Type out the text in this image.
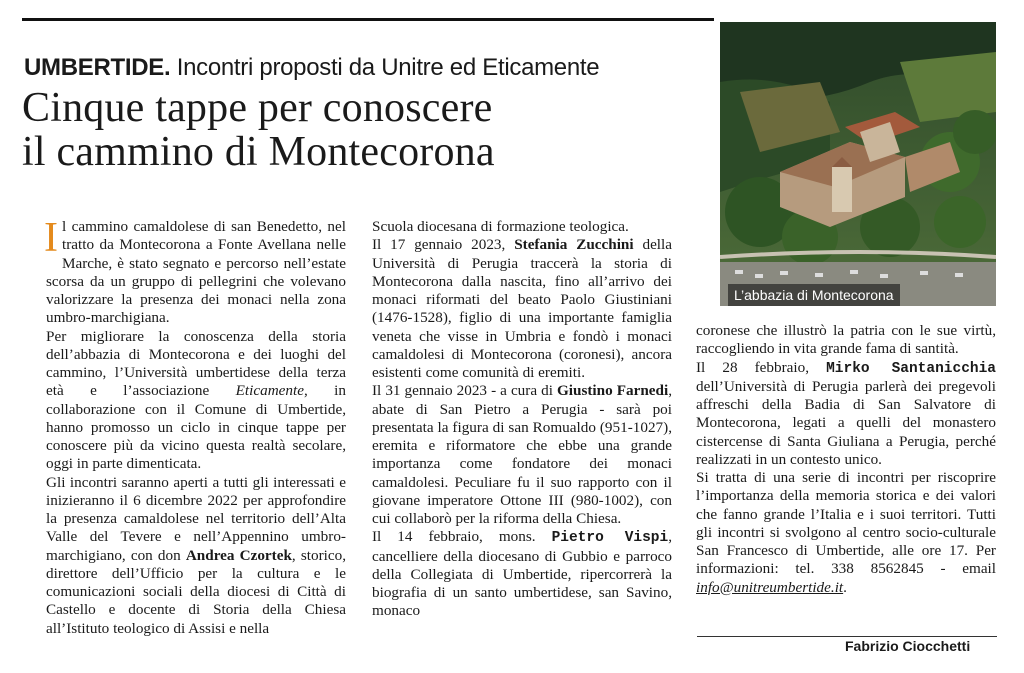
UMBERTIDE. Incontri proposti da Unitre ed Eticamente
Cinque tappe per conoscere
il cammino di Montecorona
L’abbazia di Montecorona

Il cammino camaldolese di san Benedetto, nel tratto da Montecorona a Fonte Avellana nelle Marche, è stato segnato e percorso nell’estate scorsa da un gruppo di pellegrini che volevano valorizzare la presenza dei monaci nella zona umbro-marchigiana.

Per migliorare la conoscenza della storia dell’abbazia di Montecorona e dei luoghi del cammino, l’Università umbertidese della terza età e l’associazione Eticamente, in collaborazione con il Comune di Umbertide, hanno promosso un ciclo in cinque tappe per conoscere più da vicino questa realtà secolare, oggi in parte dimenticata.

Gli incontri saranno aperti a tutti gli interessati e inizieranno il 6 dicembre 2022 per approfondire la presenza camaldolese nel territorio dell’Alta Valle del Tevere e nell’Appennino umbro-marchigiano, con don Andrea Czortek, storico, direttore dell’Ufficio per la cultura e le comunicazioni sociali della diocesi di Città di Castello e docente di Storia della Chiesa all’Istituto teologico di Assisi e nella

Scuola diocesana di formazione teologica.

Il 17 gennaio 2023, Stefania Zucchini della Università di Perugia traccerà la storia di Montecorona dalla nascita, fino all’arrivo dei monaci riformati del beato Paolo Giustiniani (1476-1528), figlio di una importante famiglia veneta che visse in Umbria e fondò i monaci camaldolesi di Montecorona (coronesi), ancora esistenti come comunità di eremiti.

Il 31 gennaio 2023 - a cura di Giustino Farnedi, abate di San Pietro a Perugia - sarà poi presentata la figura di san Romualdo (951-1027), eremita e riformatore che ebbe una grande importanza come fondatore dei monaci camaldolesi. Peculiare fu il suo rapporto con il giovane imperatore Ottone III (980-1002), con cui collaborò per la riforma della Chiesa.

Il 14 febbraio, mons. Pietro Vispi, cancelliere della diocesano di Gubbio e parroco della Collegiata di Umbertide, ripercorrerà la biografia di un santo umbertidese, san Savino, monaco

coronese che illustrò la patria con le sue virtù, raccogliendo in vita grande fama di santità.

Il 28 febbraio, Mirko Santanicchia dell’Università di Perugia parlerà dei pregevoli affreschi della Badia di San Salvatore di Montecorona, legati a quelli del monastero cistercense di Santa Giuliana a Perugia, perché realizzati in un contesto unico.

Si tratta di una serie di incontri per riscoprire l’importanza della memoria storica e dei valori che fanno grande l’Italia e i suoi territori. Tutti gli incontri si svolgono al centro socio-culturale San Francesco di Umbertide, alle ore 17. Per informazioni: tel. 338 8562845 - email info@unitreumbertide.it.

Fabrizio Ciocchetti
